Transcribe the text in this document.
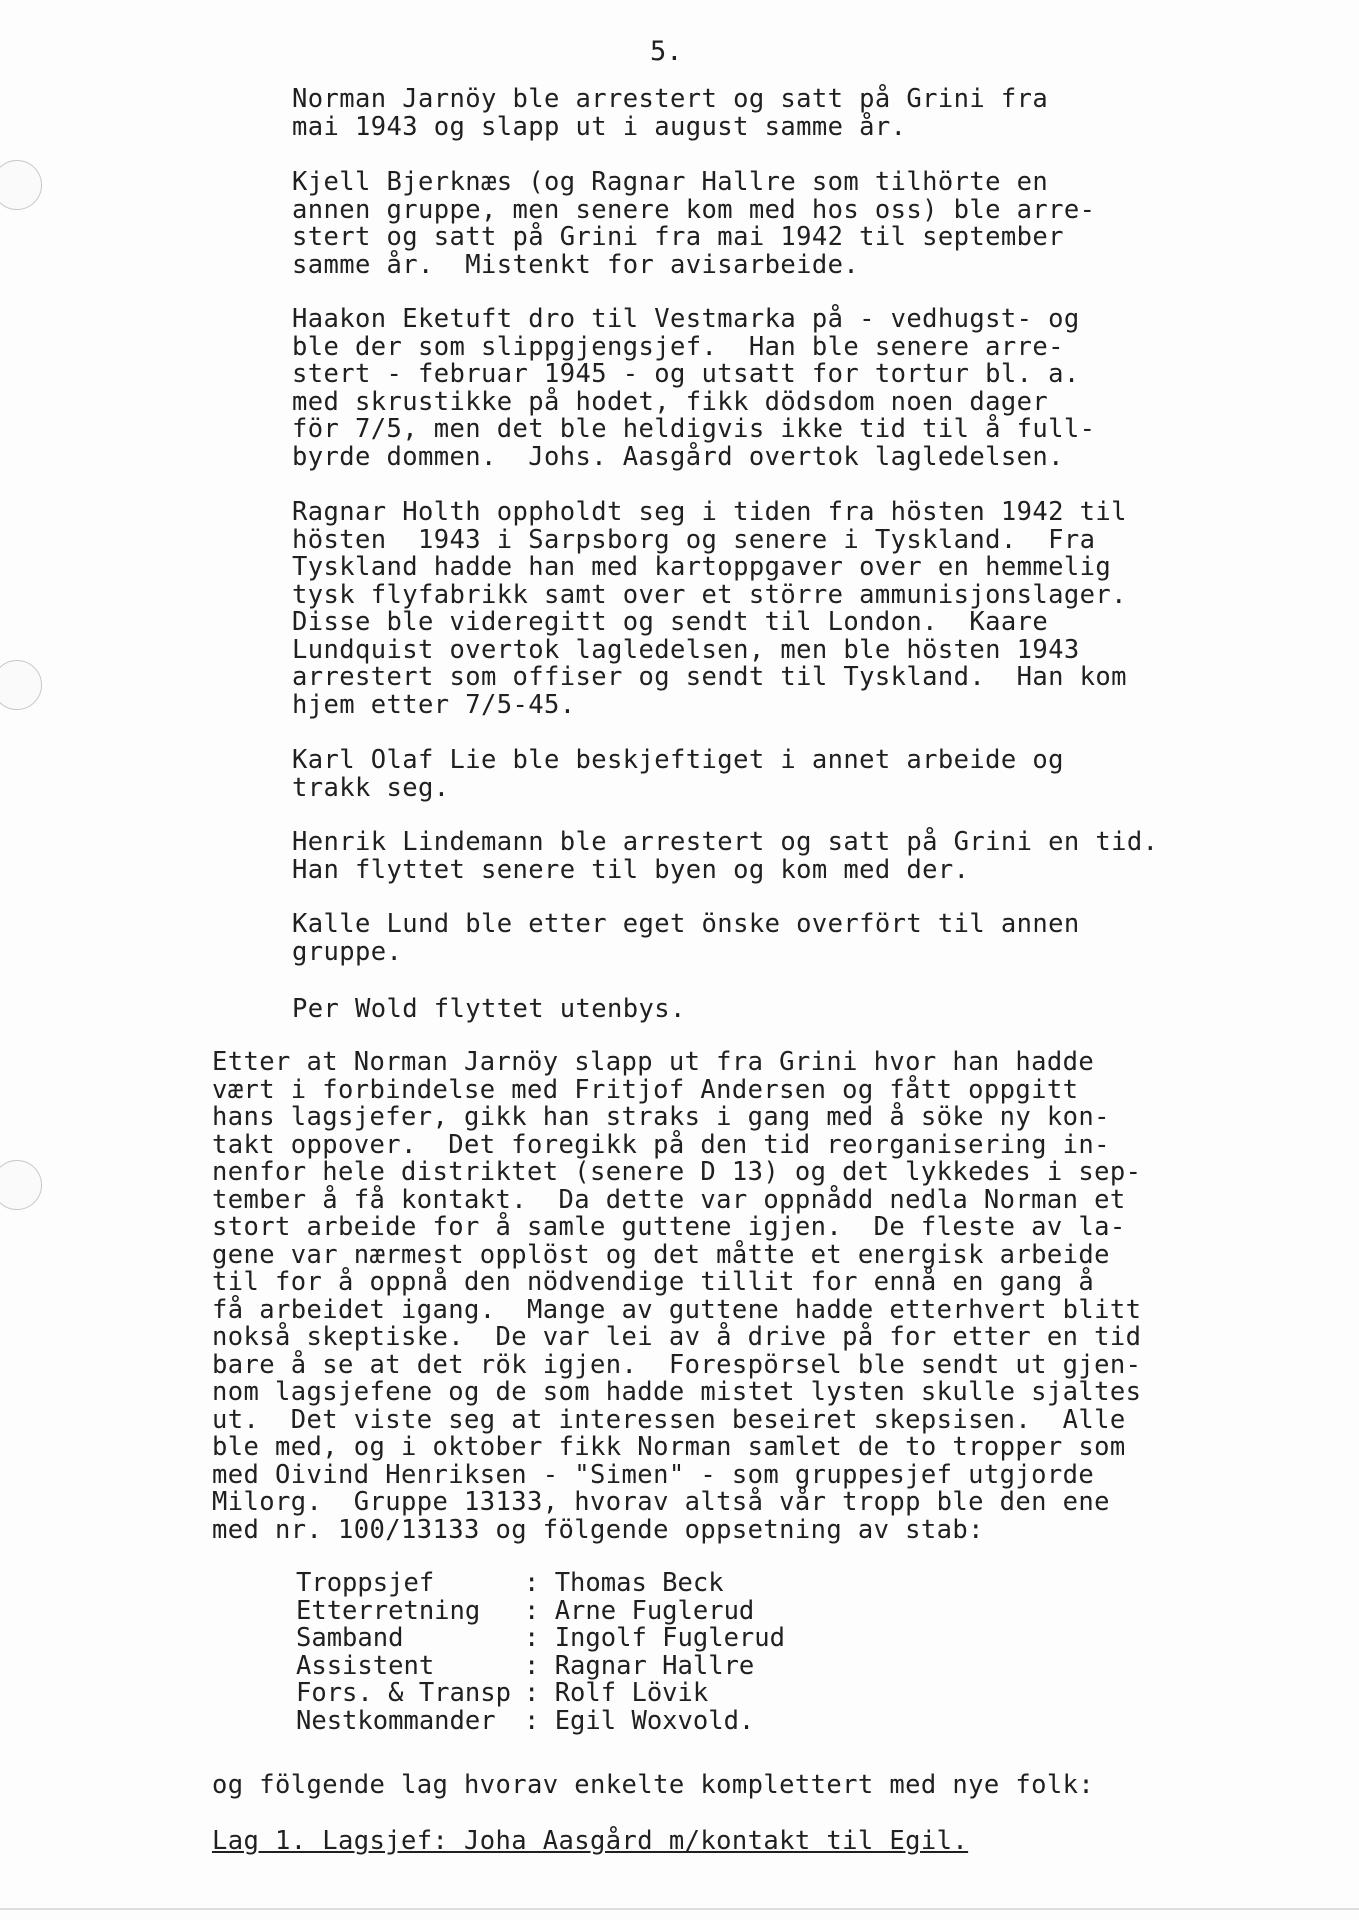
5.

Norman Jarnöy ble arrestert og satt på Grini fra
mai 1943 og slapp ut i august samme år.

Kjell Bjerknæs (og Ragnar Hallre som tilhörte en
annen gruppe, men senere kom med hos oss) ble arre-
stert og satt på Grini fra mai 1942 til september
samme år.  Mistenkt for avisarbeide.

Haakon Eketuft dro til Vestmarka på - vedhugst- og
ble der som slippgjengsjef.  Han ble senere arre-
stert - februar 1945 - og utsatt for tortur bl. a.
med skrustikke på hodet, fikk dödsdom noen dager
för 7/5, men det ble heldigvis ikke tid til å full-
byrde dommen.  Johs. Aasgård overtok lagledelsen.

Ragnar Holth oppholdt seg i tiden fra hösten 1942 til
hösten  1943 i Sarpsborg og senere i Tyskland.  Fra
Tyskland hadde han med kartoppgaver over en hemmelig
tysk flyfabrikk samt over et större ammunisjonslager.
Disse ble videregitt og sendt til London.  Kaare
Lundquist overtok lagledelsen, men ble hösten 1943
arrestert som offiser og sendt til Tyskland.  Han kom
hjem etter 7/5-45.

Karl Olaf Lie ble beskjeftiget i annet arbeide og
trakk seg.

Henrik Lindemann ble arrestert og satt på Grini en tid.
Han flyttet senere til byen og kom med der.

Kalle Lund ble etter eget önske overfört til annen
gruppe.

Per Wold flyttet utenbys.

Etter at Norman Jarnöy slapp ut fra Grini hvor han hadde
vært i forbindelse med Fritjof Andersen og fått oppgitt
hans lagsjefer, gikk han straks i gang med å söke ny kon-
takt oppover.  Det foregikk på den tid reorganisering in-
nenfor hele distriktet (senere D 13) og det lykkedes i sep-
tember å få kontakt.  Da dette var oppnådd nedla Norman et
stort arbeide for å samle guttene igjen.  De fleste av la-
gene var nærmest opplöst og det måtte et energisk arbeide
til for å oppnå den nödvendige tillit for ennå en gang å
få arbeidet igang.  Mange av guttene hadde etterhvert blitt
nokså skeptiske.  De var lei av å drive på for etter en tid
bare å se at det rök igjen.  Forespörsel ble sendt ut gjen-
nom lagsjefene og de som hadde mistet lysten skulle sjaltes
ut.  Det viste seg at interessen beseiret skepsisen.  Alle
ble med, og i oktober fikk Norman samlet de to tropper som
med Oivind Henriksen - "Simen" - som gruppesjef utgjorde
Milorg.  Gruppe 13133, hvorav altså vår tropp ble den ene
med nr. 100/13133 og fölgende oppsetning av stab:

Troppsjef	: Thomas Beck
Etterretning	: Arne Fuglerud
Samband	: Ingolf Fuglerud
Assistent	: Ragnar Hallre
Fors. & Transp : Rolf Lövik
Nestkommander : Egil Woxvold.

og fölgende lag hvorav enkelte komplettert med nye folk:

Lag 1. Lagsjef: Joha Aasgård m/kontakt til Egil.
